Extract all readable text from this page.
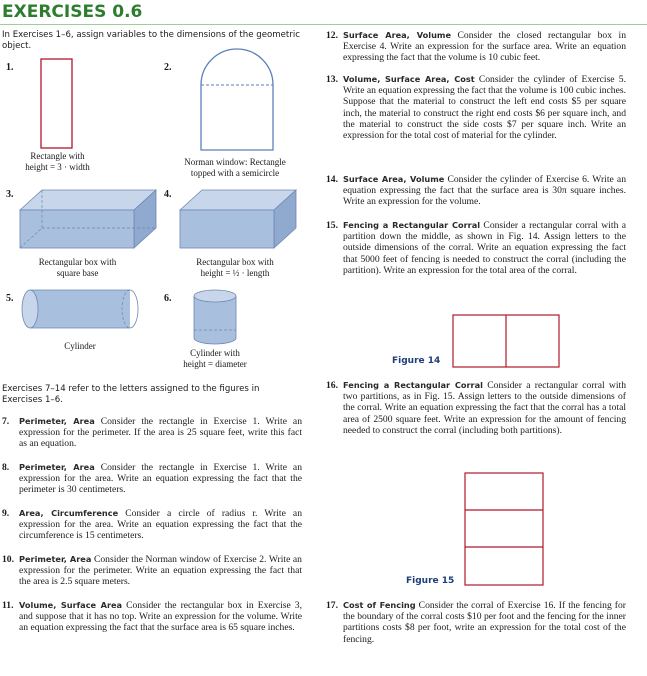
EXERCISES 0.6
In Exercises 1–6, assign variables to the dimensions of the geometric object.
1.
Rectangle with
height = 3 · width
2.
Norman window: Rectangle
topped with a semicircle
3.
Rectangular box with
square base
4.
Rectangular box with
height = ½ · length
5.
Cylinder
6.
Cylinder with
height = diameter
Exercises 7–14 refer to the letters assigned to the figures in Exercises 1–6.
7.	Perimeter, Area Consider the rectangle in Exercise 1. Write an expression for the perimeter. If the area is 25 square feet, write this fact as an equation.
8.	Perimeter, Area Consider the rectangle in Exercise 1. Write an expression for the area. Write an equation expressing the fact that the perimeter is 30 centimeters.
9.	Area, Circumference Consider a circle of radius r. Write an expression for the area. Write an equation expressing the fact that the circumference is 15 centimeters.
10. Perimeter, Area Consider the Norman window of Exercise 2. Write an expression for the perimeter. Write an equation expressing the fact that the area is 2.5 square meters.
11. Volume, Surface Area Consider the rectangular box in Exercise 3, and suppose that it has no top. Write an expression for the volume. Write an equation expressing the fact that the surface area is 65 square inches.
12. Surface Area, Volume Consider the closed rectangular box in Exercise 4. Write an expression for the surface area. Write an equation expressing the fact that the volume is 10 cubic feet.
13. Volume, Surface Area, Cost Consider the cylinder of Exercise 5. Write an equation expressing the fact that the volume is 100 cubic inches. Suppose that the material to construct the left end costs $5 per square inch, the material to construct the right end costs $6 per square inch, and the material to construct the side costs $7 per square inch. Write an expression for the total cost of material for the cylinder.
14. Surface Area, Volume Consider the cylinder of Exercise 6. Write an equation expressing the fact that the surface area is 30π square inches. Write an expression for the volume.
15. Fencing a Rectangular Corral Consider a rectangular corral with a partition down the middle, as shown in Fig. 14. Assign letters to the outside dimensions of the corral. Write an equation expressing the fact that 5000 feet of fencing is needed to construct the corral (including the partition). Write an expression for the total area of the corral.
Figure 14
16. Fencing a Rectangular Corral Consider a rectangular corral with two partitions, as in Fig. 15. Assign letters to the outside dimensions of the corral. Write an equation expressing the fact that the corral has a total area of 2500 square feet. Write an expression for the amount of fencing needed to construct the corral (including both partitions).
Figure 15
17. Cost of Fencing Consider the corral of Exercise 16. If the fencing for the boundary of the corral costs $10 per foot and the fencing for the inner partitions costs $8 per foot, write an expression for the total cost of the fencing.
